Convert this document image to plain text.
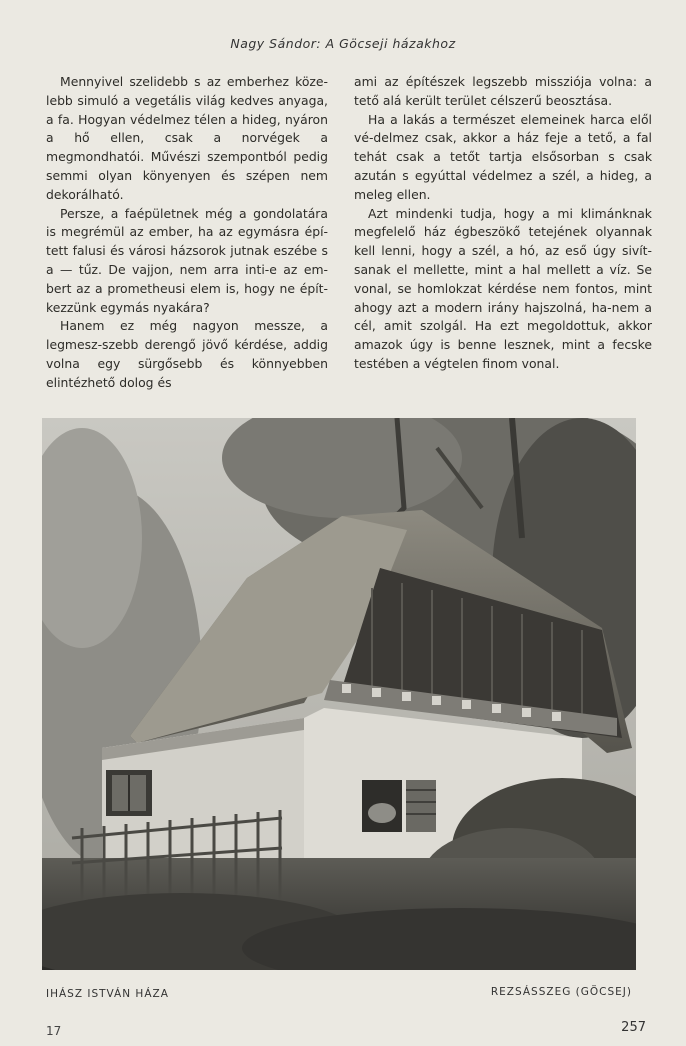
Nagy Sándor: A Göcseji házakhoz

Mennyivel szelidebb s az emberhez köze-lebb simuló a vegetális világ kedves anyaga, a fa. Hogyan védelmez télen a hideg, nyáron a hő ellen, csak a norvégek a megmondhatói. Művészi szempontból pedig semmi olyan könyenyen és szépen nem dekorálható.

Persze, a faépületnek még a gondolatára is megrémül az ember, ha az egymásra épí-tett falusi és városi házsorok jutnak eszébe s a — tűz. De vajjon, nem arra inti-e az em-bert az a prometheusi elem is, hogy ne épít-kezzünk egymás nyakára?

Hanem ez még nagyon messze, a legmesz-szebb derengő jövő kérdése, addig volna egy sürgősebb és könnyebben elintézhető dolog és

ami az építészek legszebb missziója volna: a tető alá került terület célszerű beosztása.

Ha a lakás a természet elemeinek harca elől vé-delmez csak, akkor a ház feje a tető, a fal tehát csak a tetőt tartja elsősorban s csak azután s egyúttal védelmez a szél, a hideg, a meleg ellen.

Azt mindenki tudja, hogy a mi klimánknak megfelelő ház égbeszökő tetejének olyannak kell lenni, hogy a szél, a hó, az eső úgy sivít-sanak el mellette, mint a hal mellett a víz. Se vonal, se homlokzat kérdése nem fontos, mint ahogy azt a modern irány hajszolná, ha-nem a cél, amit szolgál. Ha ezt megoldottuk, akkor amazok úgy is benne lesznek, mint a fecske testében a végtelen finom vonal.

IHÁSZ ISTVÁN HÁZA	REZSÁSSZEG (GÖCSEJ)
17	257
